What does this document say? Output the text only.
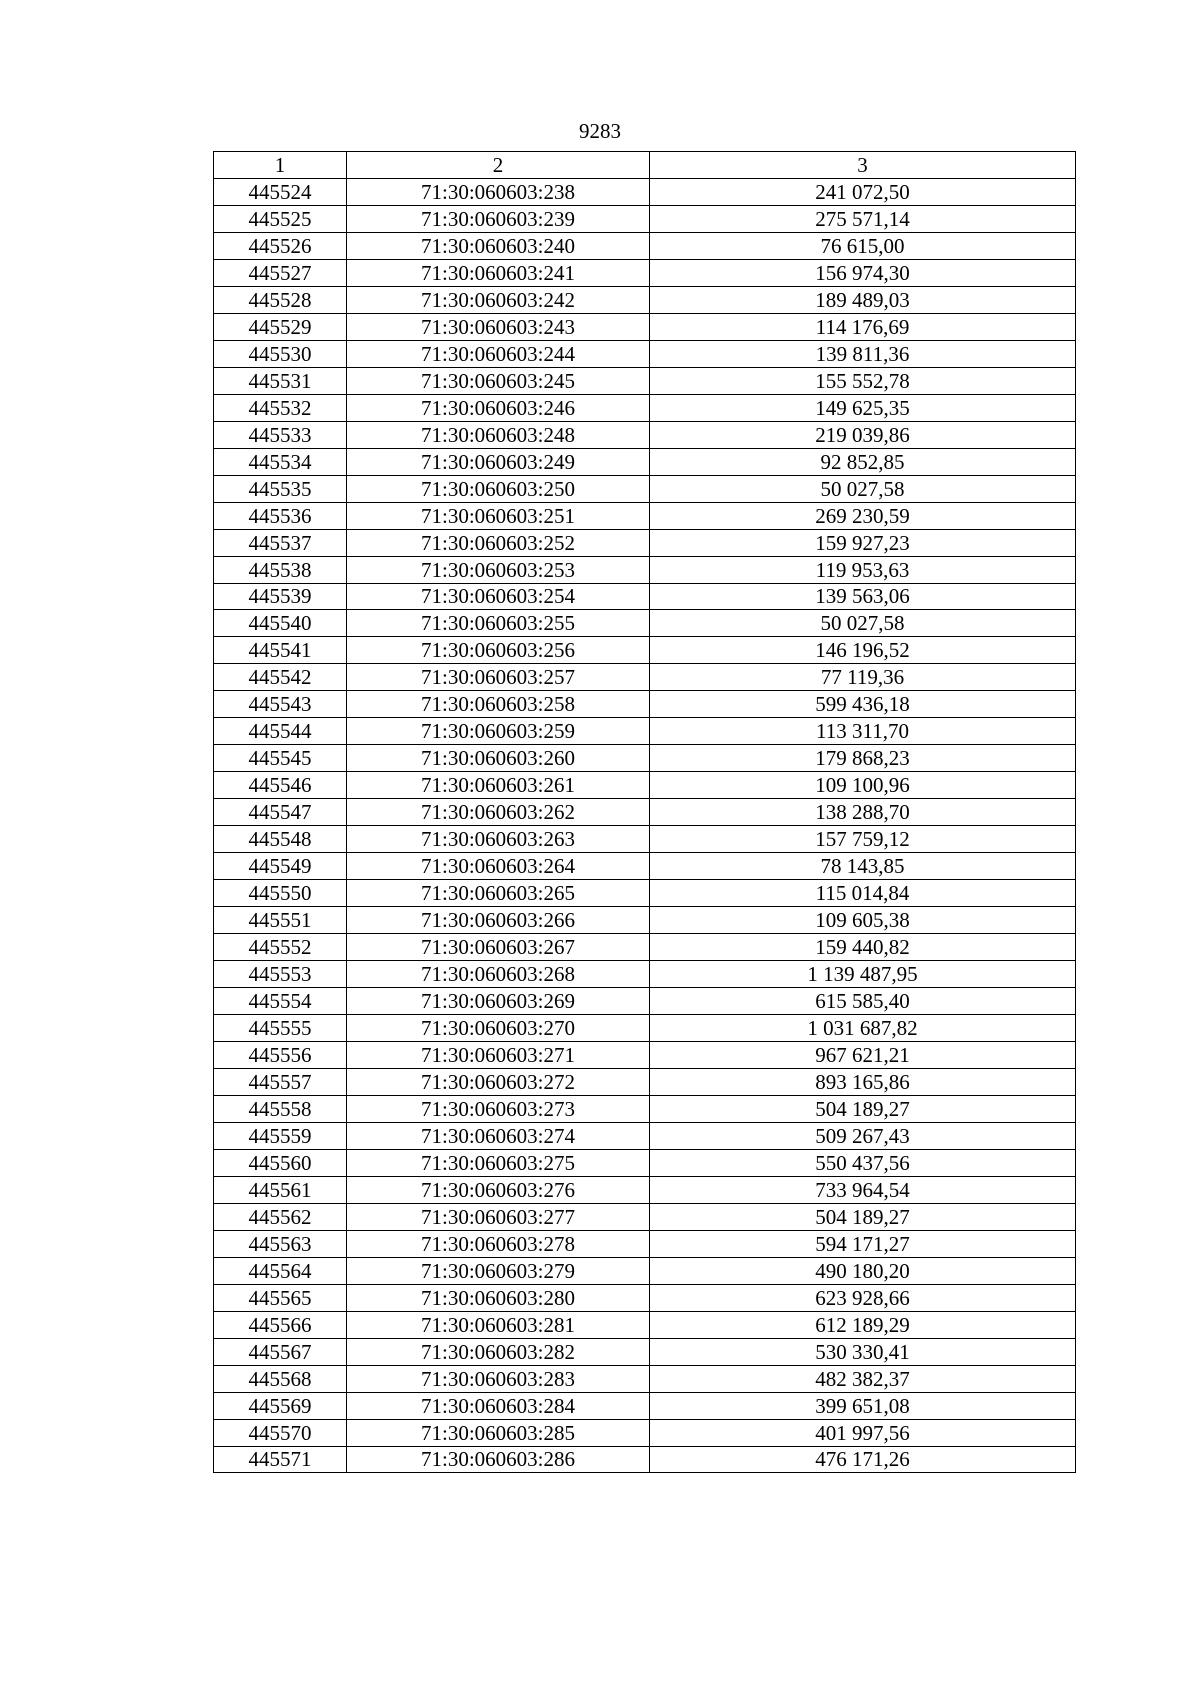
9283
1	2	3
445524	71:30:060603:238	241 072,50
445525	71:30:060603:239	275 571,14
445526	71:30:060603:240	76 615,00
445527	71:30:060603:241	156 974,30
445528	71:30:060603:242	189 489,03
445529	71:30:060603:243	114 176,69
445530	71:30:060603:244	139 811,36
445531	71:30:060603:245	155 552,78
445532	71:30:060603:246	149 625,35
445533	71:30:060603:248	219 039,86
445534	71:30:060603:249	92 852,85
445535	71:30:060603:250	50 027,58
445536	71:30:060603:251	269 230,59
445537	71:30:060603:252	159 927,23
445538	71:30:060603:253	119 953,63
445539	71:30:060603:254	139 563,06
445540	71:30:060603:255	50 027,58
445541	71:30:060603:256	146 196,52
445542	71:30:060603:257	77 119,36
445543	71:30:060603:258	599 436,18
445544	71:30:060603:259	113 311,70
445545	71:30:060603:260	179 868,23
445546	71:30:060603:261	109 100,96
445547	71:30:060603:262	138 288,70
445548	71:30:060603:263	157 759,12
445549	71:30:060603:264	78 143,85
445550	71:30:060603:265	115 014,84
445551	71:30:060603:266	109 605,38
445552	71:30:060603:267	159 440,82
445553	71:30:060603:268	1 139 487,95
445554	71:30:060603:269	615 585,40
445555	71:30:060603:270	1 031 687,82
445556	71:30:060603:271	967 621,21
445557	71:30:060603:272	893 165,86
445558	71:30:060603:273	504 189,27
445559	71:30:060603:274	509 267,43
445560	71:30:060603:275	550 437,56
445561	71:30:060603:276	733 964,54
445562	71:30:060603:277	504 189,27
445563	71:30:060603:278	594 171,27
445564	71:30:060603:279	490 180,20
445565	71:30:060603:280	623 928,66
445566	71:30:060603:281	612 189,29
445567	71:30:060603:282	530 330,41
445568	71:30:060603:283	482 382,37
445569	71:30:060603:284	399 651,08
445570	71:30:060603:285	401 997,56
445571	71:30:060603:286	476 171,26
